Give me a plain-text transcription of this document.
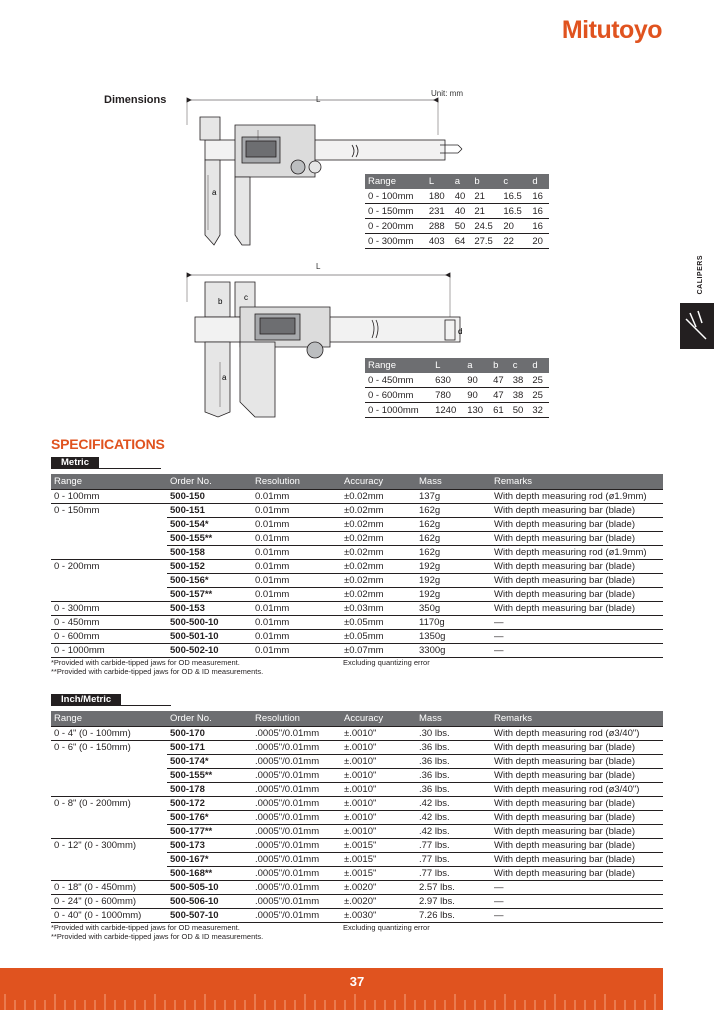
Mitutoyo
Dimensions
Unit: mm
a
L
Range	L	a	b	c	d
0 - 100mm	180	40	21	16.5	16
0 - 150mm	231	40	21	16.5	16
0 - 200mm	288	50	24.5	20	16
0 - 300mm	403	64	27.5	22	20
b	c
d
a
L
Range	L	a	b	c	d
0 - 450mm	630	90	47	38	25
0 - 600mm	780	90	47	38	25
0 - 1000mm	1240	130	61	50	32
CALIPERS
SPECIFICATIONS
Metric
Range	Order No.	Resolution	Accuracy	Mass	Remarks
0 - 100mm	500-150	0.01mm	±0.02mm	137g	With depth measuring rod (ø1.9mm)
0 - 150mm	500-151	0.01mm	±0.02mm	162g	With depth measuring bar (blade)
	500-154*	0.01mm	±0.02mm	162g	With depth measuring bar (blade)
	500-155**	0.01mm	±0.02mm	162g	With depth measuring bar (blade)
	500-158	0.01mm	±0.02mm	162g	With depth measuring rod (ø1.9mm)
0 - 200mm	500-152	0.01mm	±0.02mm	192g	With depth measuring bar (blade)
	500-156*	0.01mm	±0.02mm	192g	With depth measuring bar (blade)
	500-157**	0.01mm	±0.02mm	192g	With depth measuring bar (blade)
0 - 300mm	500-153	0.01mm	±0.03mm	350g	With depth measuring bar (blade)
0 - 450mm	500-500-10	0.01mm	±0.05mm	1170g	—
0 - 600mm	500-501-10	0.01mm	±0.05mm	1350g	—
0 - 1000mm	500-502-10	0.01mm	±0.07mm	3300g	—
*Provided with carbide-tipped jaws for OD measurement.
**Provided with carbide-tipped jaws for OD & ID measurements.
Excluding quantizing error
Inch/Metric
Range	Order No.	Resolution	Accuracy	Mass	Remarks
0 - 4" (0 - 100mm)	500-170	.0005"/0.01mm	±.0010"	.30 lbs.	With depth measuring rod (ø3/40")
0 - 6" (0 - 150mm)	500-171	.0005"/0.01mm	±.0010"	.36 lbs.	With depth measuring bar (blade)
	500-174*	.0005"/0.01mm	±.0010"	.36 lbs.	With depth measuring bar (blade)
	500-155**	.0005"/0.01mm	±.0010"	.36 lbs.	With depth measuring bar (blade)
	500-178	.0005"/0.01mm	±.0010"	.36 lbs.	With depth measuring rod (ø3/40")
0 - 8" (0 - 200mm)	500-172	.0005"/0.01mm	±.0010"	.42 lbs.	With depth measuring bar (blade)
	500-176*	.0005"/0.01mm	±.0010"	.42 lbs.	With depth measuring bar (blade)
	500-177**	.0005"/0.01mm	±.0010"	.42 lbs.	With depth measuring bar (blade)
0 - 12" (0 - 300mm)	500-173	.0005"/0.01mm	±.0015"	.77 lbs.	With depth measuring bar (blade)
	500-167*	.0005"/0.01mm	±.0015"	.77 lbs.	With depth measuring bar (blade)
	500-168**	.0005"/0.01mm	±.0015"	.77 lbs.	With depth measuring bar (blade)
0 - 18" (0 - 450mm)	500-505-10	.0005"/0.01mm	±.0020"	2.57 lbs.	—
0 - 24" (0 - 600mm)	500-506-10	.0005"/0.01mm	±.0020"	2.97 lbs.	—
0 - 40" (0 - 1000mm)	500-507-10	.0005"/0.01mm	±.0030"	7.26 lbs.	—
*Provided with carbide-tipped jaws for OD measurement.
**Provided with carbide-tipped jaws for OD & ID measurements.
Excluding quantizing error
37
